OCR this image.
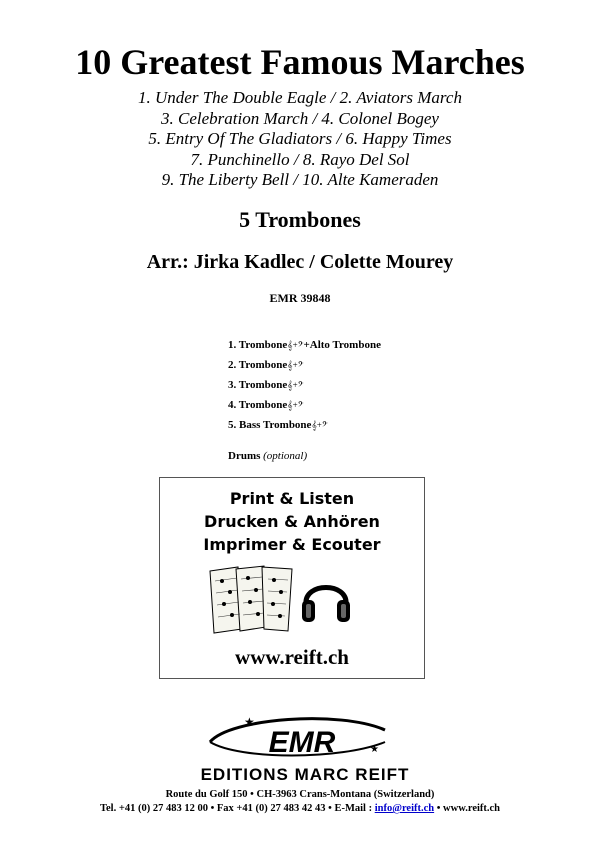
10 Greatest Famous Marches
1. Under The Double Eagle / 2. Aviators March
3. Celebration March / 4. Colonel Bogey
5. Entry Of The Gladiators / 6. Happy Times
7. Punchinello / 8. Rayo Del Sol
9. The Liberty Bell / 10. Alte Kameraden
5 Trombones
Arr.: Jirka Kadlec / Colette Mourey
EMR 39848
1. Trombone𝄞+𝄢+Alto Trombone
2. Trombone𝄞+𝄢
3. Trombone𝄞+𝄢
4. Trombone𝄞+𝄢
5. Bass Trombone𝄞+𝄢
Drums (optional)
Print & Listen
Drucken & Anhören
Imprimer & Ecouter
www.reift.ch
EMR
★
★
EDITIONS MARC REIFT
Route du Golf 150 • CH-3963 Crans-Montana (Switzerland)
Tel. +41 (0) 27 483 12 00 • Fax +41 (0) 27 483 42 43 • E-Mail : info@reift.ch • www.reift.ch
